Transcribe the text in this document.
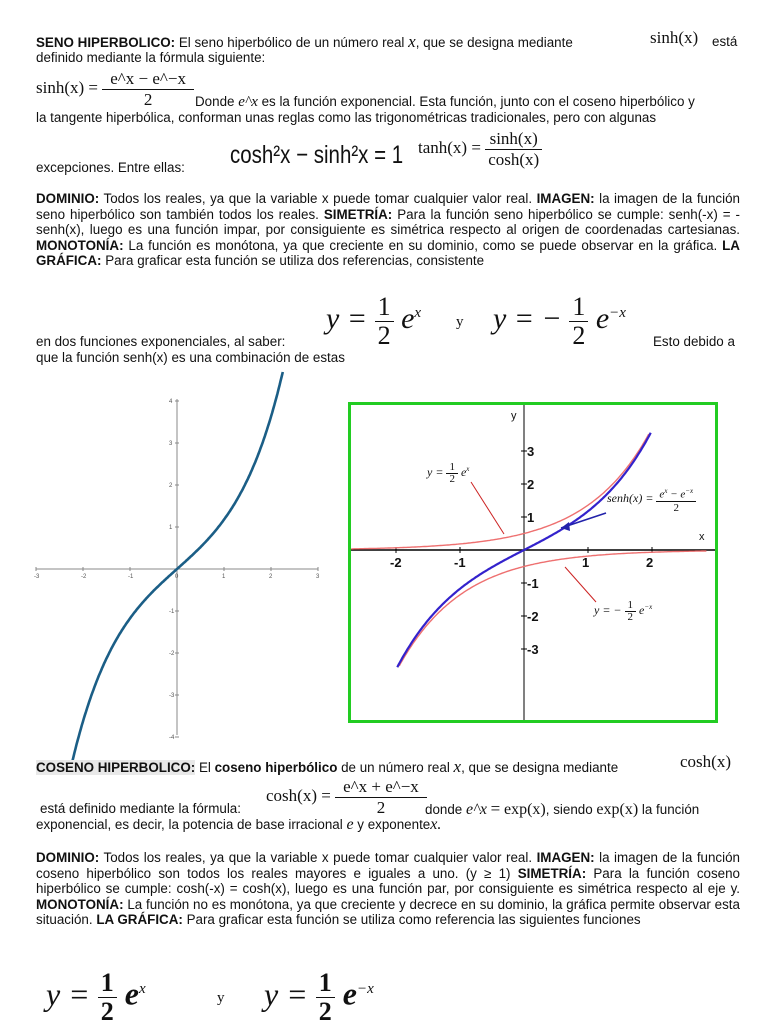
SENO HIPERBOLICO: El seno hiperbólico de un número real x, que se designa mediante	sinh(x) está
definido mediante la fórmula siguiente:
$\sinh(x) = \frac{e\^{}x - e\^{}-x}{2}$ Donde e^x es la función exponencial. Esta función, junto con el coseno hiperbólico y
la tangente hiperbólica, conforman unas reglas como las trigonométricas tradicionales, pero con algunas
excepciones. Entre ellas: cosh²x − sinh²x = 1 $\tanh(x) = \frac{\sinh(x)}{\cosh(x)}$
DOMINIO: Todos los reales, ya que la variable x puede tomar cualquier valor real. IMAGEN: la imagen de la función seno hiperbólico son también todos los reales. SIMETRÍA: Para la función seno hiperbólico se cumple: senh(-x) = -senh(x), luego es una función impar, por consiguiente es simétrica respecto al origen de coordenadas cartesianas. MONOTONÍA: La función es monótona, ya que creciente en su dominio, como se puede observar en la gráfica. LA GRÁFICA: Para graficar esta función se utiliza dos referencias, consistente
$y = \frac{1}{2} e^x$
y y = − $\frac{1}{2} e^{-x}$
en dos funciones exponenciales, al saber:	Esto debido a
que la función senh(x) es una combinación de estas
-3	-2	-1	0	1	2	3
4
3
2
1
-1
-2
-3
-4
-2	-1	1	2
3
2
1
-1
-2
-3
x
y
$y = \frac{1}{2} e^x$
senh(x) = $\frac{e^x - e^{-x}}{2}$
y = − $\frac{1}{2} e^{-x}$
COSENO HIPERBOLICO: El coseno hiperbólico de un número real x, que se designa mediante	cosh(x)
está definido mediante la fórmula:
$\cosh(x) = \frac{e\^{}x + e\^{}-x}{2}$
donde e^x = exp(x), siendo exp(x) la función
exponencial, es decir, la potencia de base irracional e y exponentex.
DOMINIO: Todos los reales, ya que la variable x puede tomar cualquier valor real. IMAGEN: la imagen de la función coseno hiperbólico son todos los reales mayores e iguales a uno. (y ≥ 1) SIMETRÍA: Para la función coseno hiperbólico se cumple: cosh(-x) = cosh(x), luego es una función par, por consiguiente es simétrica respecto al eje y. MONOTONÍA: La función no es monótona, ya que creciente y decrece en su dominio, la gráfica permite observar esta situación. LA GRÁFICA: Para graficar esta función se utiliza como referencia las siguientes funciones
$y = \frac{1}{2} e^x$
y $y = \frac{1}{2} e^{-x}$
